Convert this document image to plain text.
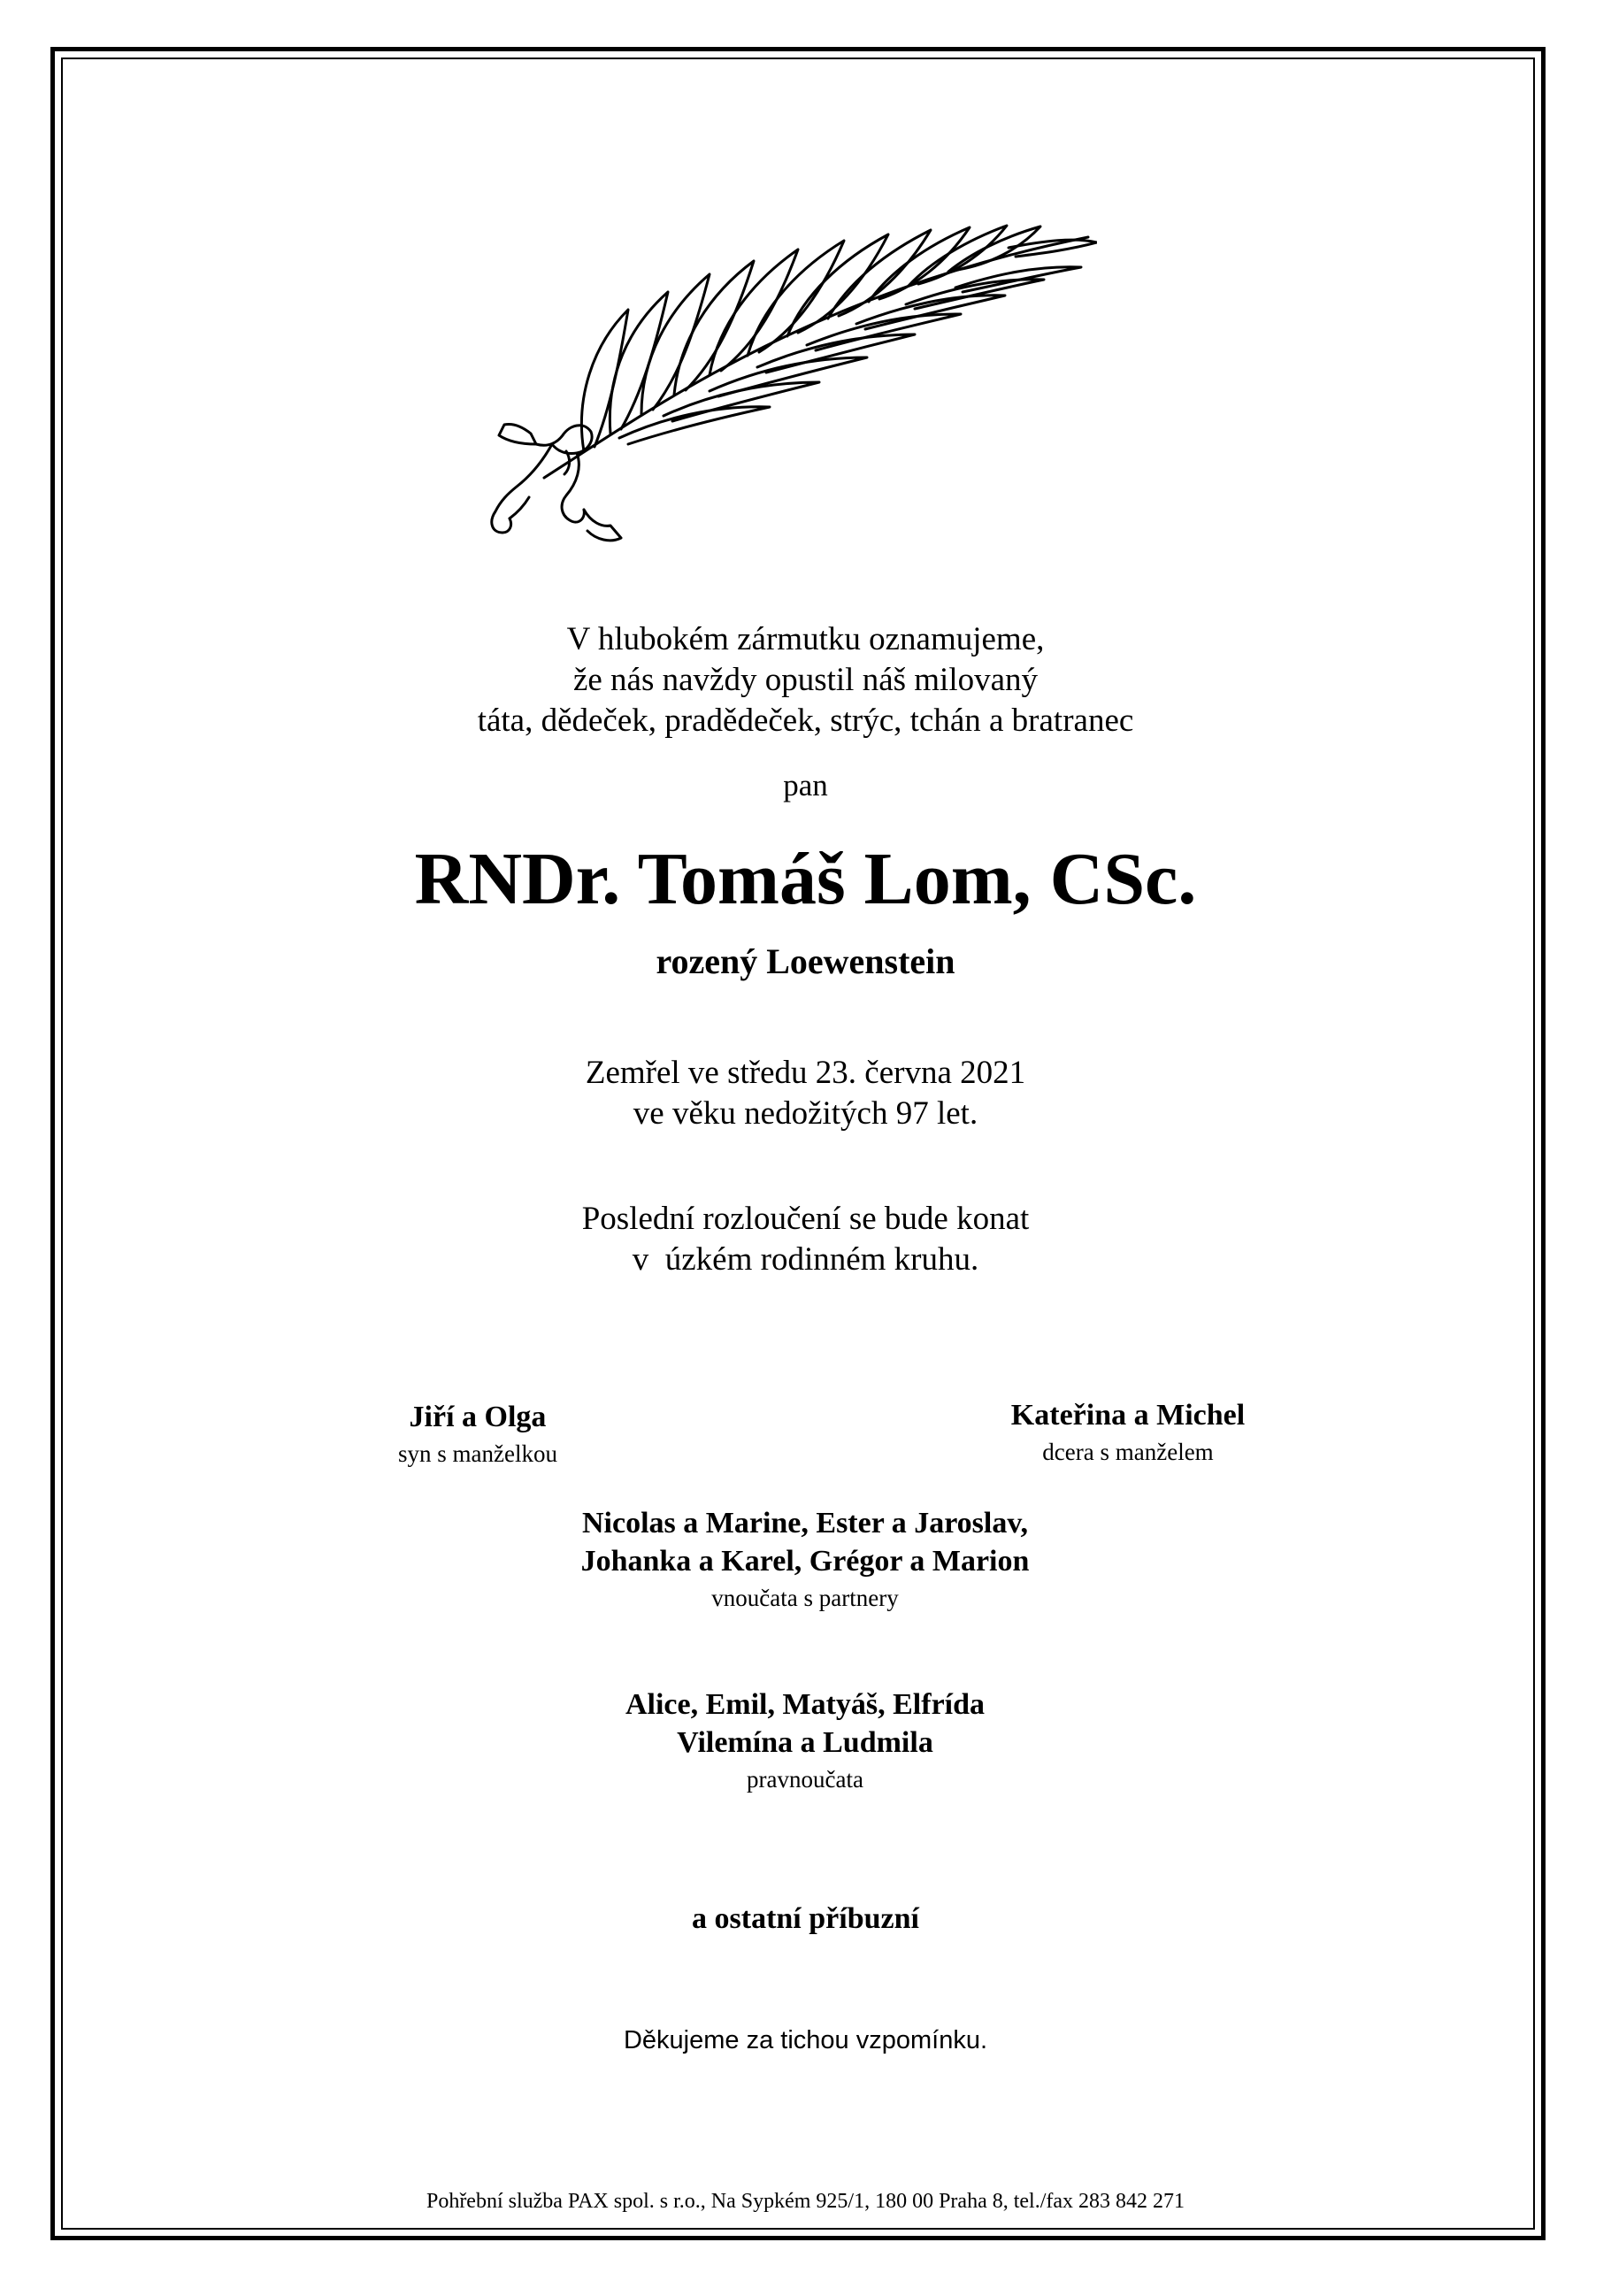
V hlubokém zármutku oznamujeme,
že nás navždy opustil náš milovaný
táta, dědeček, pradědeček, strýc, tchán a bratranec
pan
RNDr. Tomáš Lom, CSc.
rozený Loewenstein
Zemřel ve středu 23. června 2021
ve věku nedožitých 97 let.
Poslední rozloučení se bude konat
v  úzkém rodinném kruhu.
Jiří a Olga
syn s manželkou
Kateřina a Michel
dcera s manželem
Nicolas a Marine, Ester a Jaroslav,
Johanka a Karel, Grégor a Marion
vnoučata s partnery
Alice, Emil, Matyáš, Elfrída
Vilemína a Ludmila
pravnoučata
a ostatní příbuzní
Děkujeme za tichou vzpomínku.
Pohřební služba PAX spol. s r.o., Na Sypkém 925/1, 180 00 Praha 8, tel./fax 283 842 271
